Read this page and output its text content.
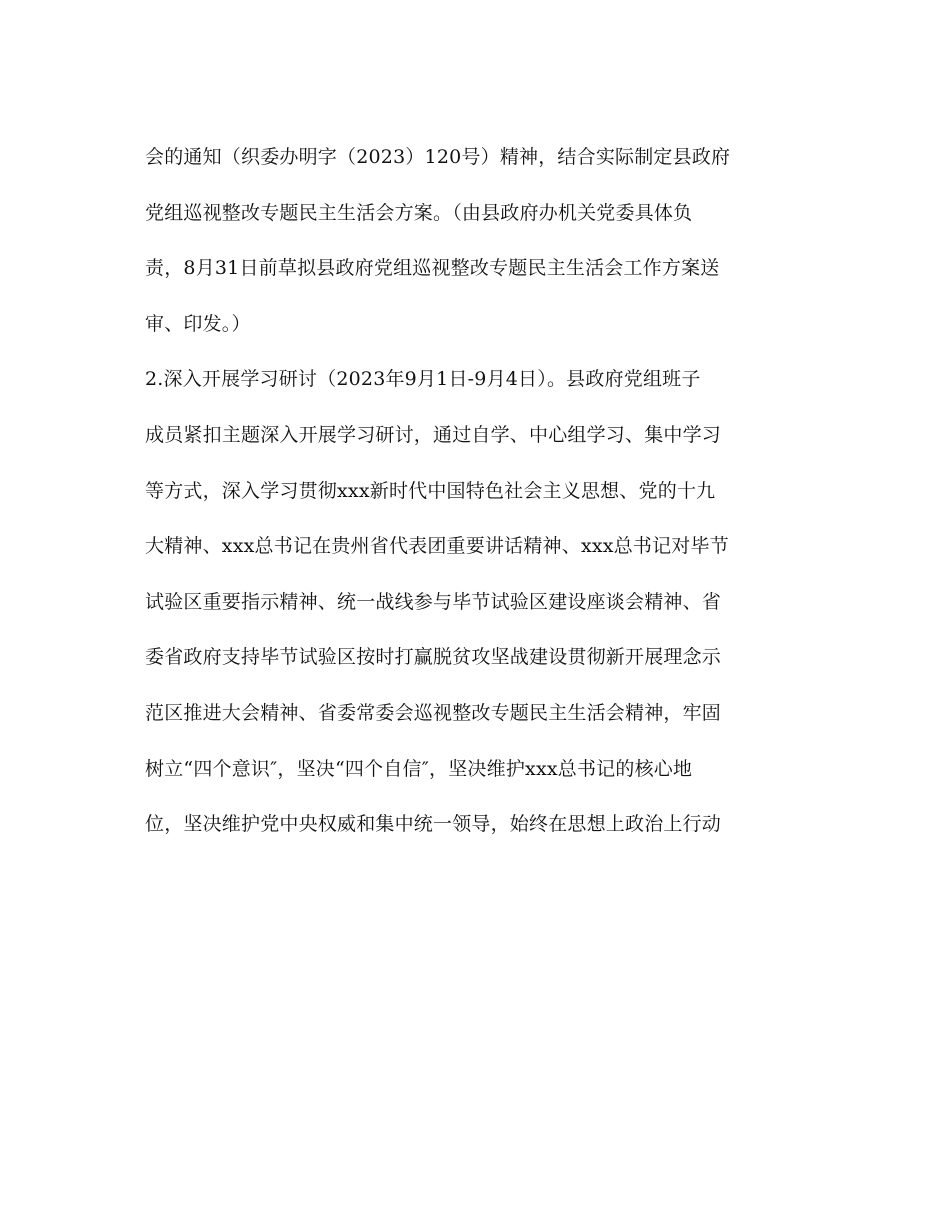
会的通知（织委办明字（2023）120号）精神，结合实际制定县政府
党组巡视整改专题民主生活会方案。（由县政府办机关党委具体负
责，8月31日前草拟县政府党组巡视整改专题民主生活会工作方案送
审、印发。）
2.深入开展学习研讨（2023年9月1日-9月4日）。县政府党组班子
成员紧扣主题深入开展学习研讨，通过自学、中心组学习、集中学习
等方式，深入学习贯彻xxx新时代中国特色社会主义思想、党的十九
大精神、xxx总书记在贵州省代表团重要讲话精神、xxx总书记对毕节
试验区重要指示精神、统一战线参与毕节试验区建设座谈会精神、省
委省政府支持毕节试验区按时打赢脱贫攻坚战建设贯彻新开展理念示
范区推进大会精神、省委常委会巡视整改专题民主生活会精神，牢固
树立“四个意识″，坚决“四个自信″，坚决维护xxx总书记的核心地
位，坚决维护党中央权威和集中统一领导，始终在思想上政治上行动
